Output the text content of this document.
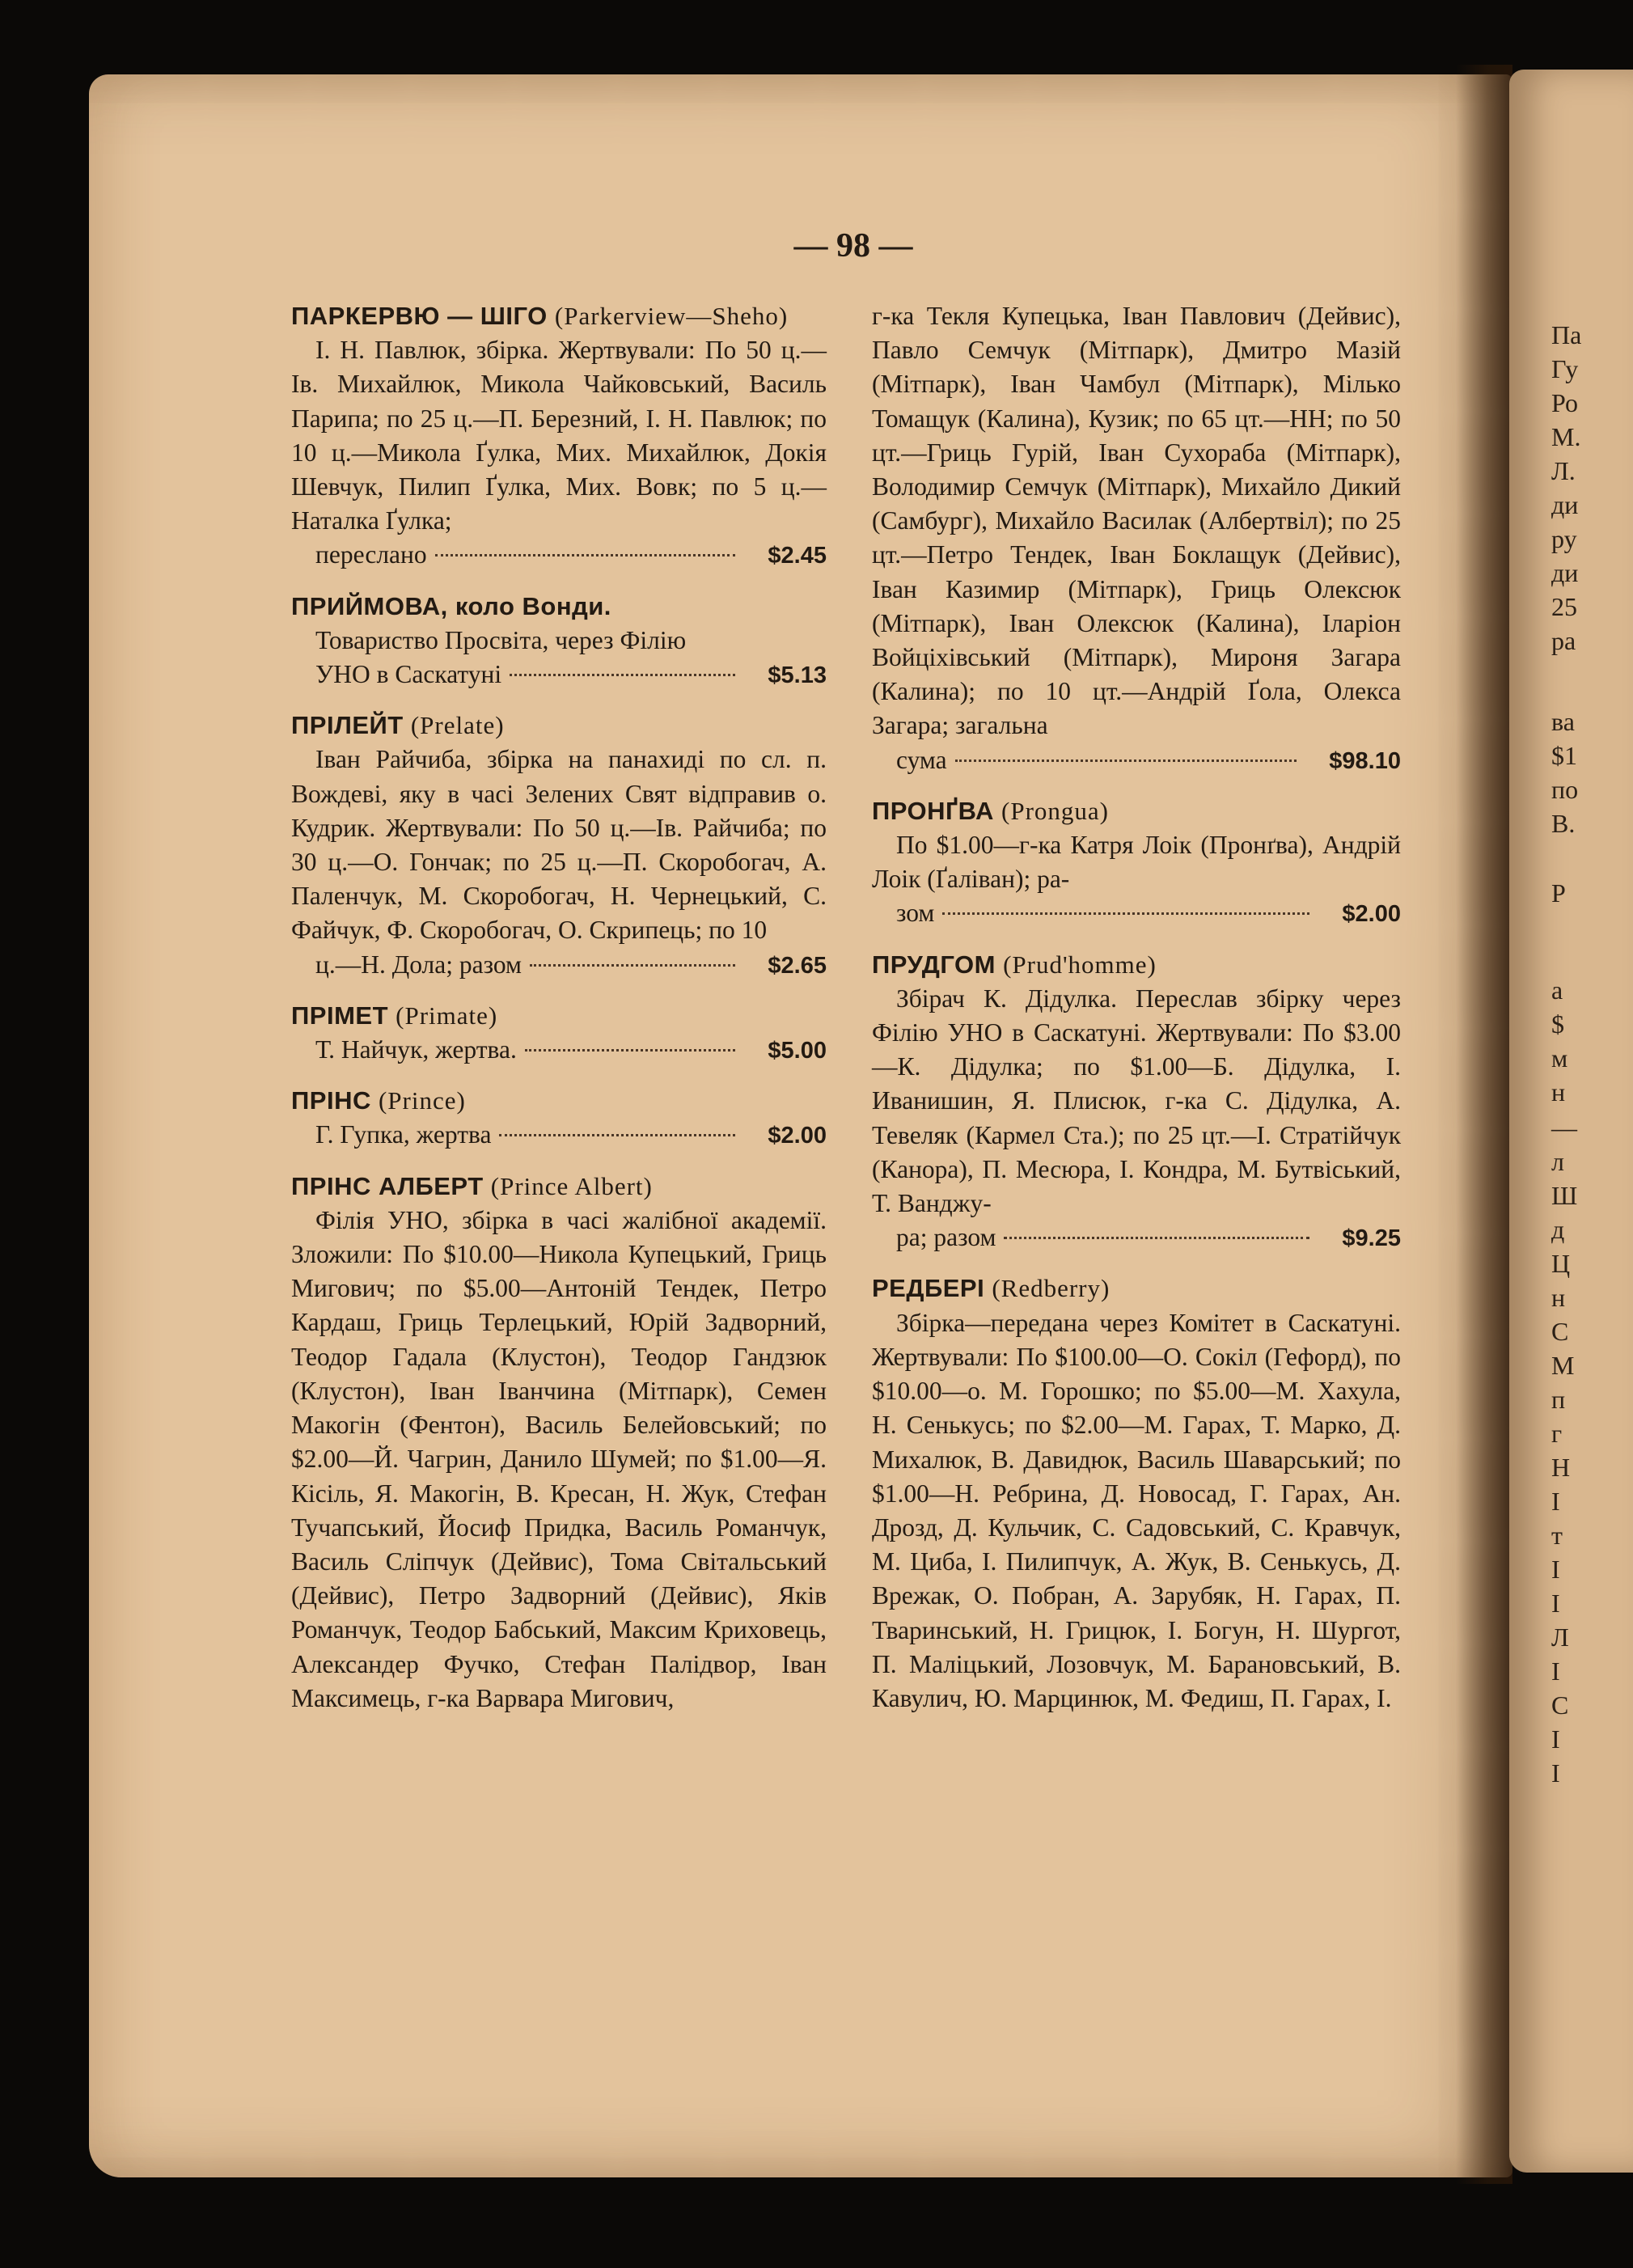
Па
Гу
Ро
М.
Л.
ди
ру
ди
25
ра
ва
$1
по
В.
Р
а
$
м
н
—
л
Ш
д
Ц
н
С
М
п
г
Н
І
т
І
І
Л
І
С
І
І
— 98 —
ПАРКЕРВЮ — ШІГО (Parkerview—Sheho)

І. Н. Павлюк, збірка. Жертвували: По 50 ц.—Ів. Михайлюк, Микола Чайковський, Василь Парипа; по 25 ц.—П. Березний, І. Н. Павлюк; по 10 ц.—Микола Ґулка, Мих. Михайлюк, Докія Шевчук, Пилип Ґулка, Мих. Вовк; по 5 ц.—Наталка Ґулка;

переслано	$2.45

ПРИЙМОВА, коло Вонди.

Товариство Просвіта, через Філію

УНО в Саскатуні	$5.13

ПРІЛЕЙТ (Prelate)

Іван Райчиба, збірка на панахиді по сл. п. Вождеві, яку в часі Зелених Свят відправив о. Кудрик. Жертвували: По 50 ц.—Ів. Райчиба; по 30 ц.—О. Гончак; по 25 ц.—П. Скоробогач, А. Паленчук, М. Скоробогач, Н. Чернецький, С. Файчук, Ф. Скоробогач, О. Скрипець; по 10

ц.—Н. Дола; разом	$2.65

ПРІМЕТ (Primate)

Т. Найчук, жертва.	$5.00

ПРІНС (Prince)

Г. Гупка, жертва	$2.00

ПРІНС АЛБЕРТ (Prince Albert)

Філія УНО, збірка в часі жалібної академії. Зложили: По $10.00—Никола Купецький, Гриць Мигович; по $5.00—Антоній Тендек, Петро Кардаш, Гриць Терлецький, Юрій Задворний, Теодор Гадала (Клустон), Теодор Гандзюк (Клустон), Іван Іванчина (Мітпарк), Семен Макогін (Фентон), Василь Белейовський; по $2.00—Й. Чагрин, Данило Шумей; по $1.00—Я. Кісіль, Я. Макогін, В. Кресан, Н. Жук, Стефан Тучапський, Йосиф Придка, Василь Романчук, Василь Сліпчук (Дейвис), Тома Світальський (Дейвис), Петро Задворний (Дейвис), Яків Романчук, Теодор Бабський, Максим Криховець, Александер Фучко, Стефан Палідвор, Іван Максимець, г-ка Варвара Мигович,

г-ка Текля Купецька, Іван Павлович (Дейвис), Павло Семчук (Мітпарк), Дмитро Мазій (Мітпарк), Іван Чамбул (Мітпарк), Мілько Томащук (Калина), Кузик; по 65 цт.—НН; по 50 цт.—Гриць Гурій, Іван Сухораба (Мітпарк), Володимир Семчук (Мітпарк), Михайло Дикий (Самбург), Михайло Василак (Албертвіл); по 25 цт.—Петро Тендек, Іван Боклащук (Дейвис), Іван Казимир (Мітпарк), Гриць Олексюк (Мітпарк), Іван Олексюк (Калина), Іларіон Войціхівський (Мітпарк), Мироня Загара (Калина); по 10 цт.—Андрій Ґола, Олекса Загара; загальна

сума	$98.10

ПРОНҐВА (Prongua)

По $1.00—г-ка Катря Лоік (Пронґва), Андрій Лоік (Ґаліван); ра-

зом	$2.00

ПРУДГОМ (Prud'homme)

Збірач К. Дідулка. Переслав збірку через Філію УНО в Саскатуні. Жертвували: По $3.00—К. Дідулка; по $1.00—Б. Дідулка, І. Иванишин, Я. Плисюк, г-ка С. Дідулка, А. Тевеляк (Кармел Ста.); по 25 цт.—І. Стратійчук (Канора), П. Месюра, І. Кондра, М. Бутвіський, Т. Ванджу-

ра; разом	$9.25

РЕДБЕРІ (Redberry)

Збірка—передана через Комітет в Саскатуні. Жертвували: По $100.00—О. Сокіл (Гефорд), по $10.00—о. М. Горошко; по $5.00—М. Хахула, Н. Сенькусь; по $2.00—М. Гарах, Т. Марко, Д. Михалюк, В. Давидюк, Василь Шаварський; по $1.00—Н. Ребрина, Д. Новосад, Г. Гарах, Ан. Дрозд, Д. Кульчик, С. Садовський, С. Кравчук, М. Циба, І. Пилипчук, А. Жук, В. Сенькусь, Д. Врежак, О. Побран, А. Зарубяк, Н. Гарах, П. Тваринський, Н. Грицюк, І. Богун, Н. Шургот, П. Маліцький, Лозовчук, М. Барановський, В. Кавулич, Ю. Марцинюк, М. Федиш, П. Гарах, І.
